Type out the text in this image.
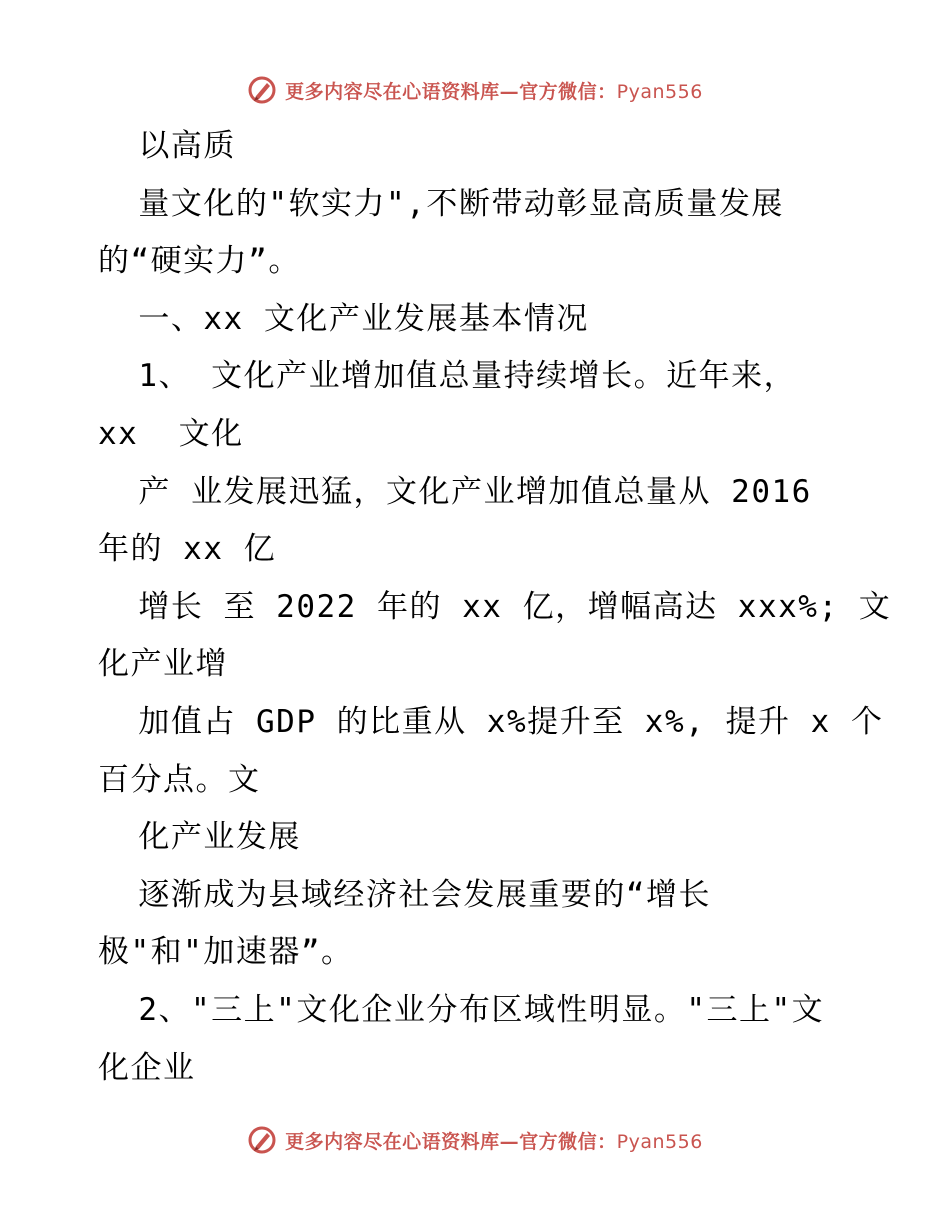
更多内容尽在心语资料库—官方微信：Pyan556
以高质
量文化的"软实力",不断带动彰显高质量发展
的“硬实力”。
一、xx 文化产业发展基本情况
1、 文化产业增加值总量持续增长。近年来，
xx  文化
产 业发展迅猛，文化产业增加值总量从 2016
年的 xx 亿
增长 至 2022 年的 xx 亿，增幅高达 xxx%; 文
化产业增
加值占 GDP 的比重从 x%提升至 x%, 提升 x 个
百分点。文
化产业发展
逐渐成为县域经济社会发展重要的“增长
极"和"加速器”。
2、"三上"文化企业分布区域性明显。"三上"文
化企业
更多内容尽在心语资料库—官方微信：Pyan556
